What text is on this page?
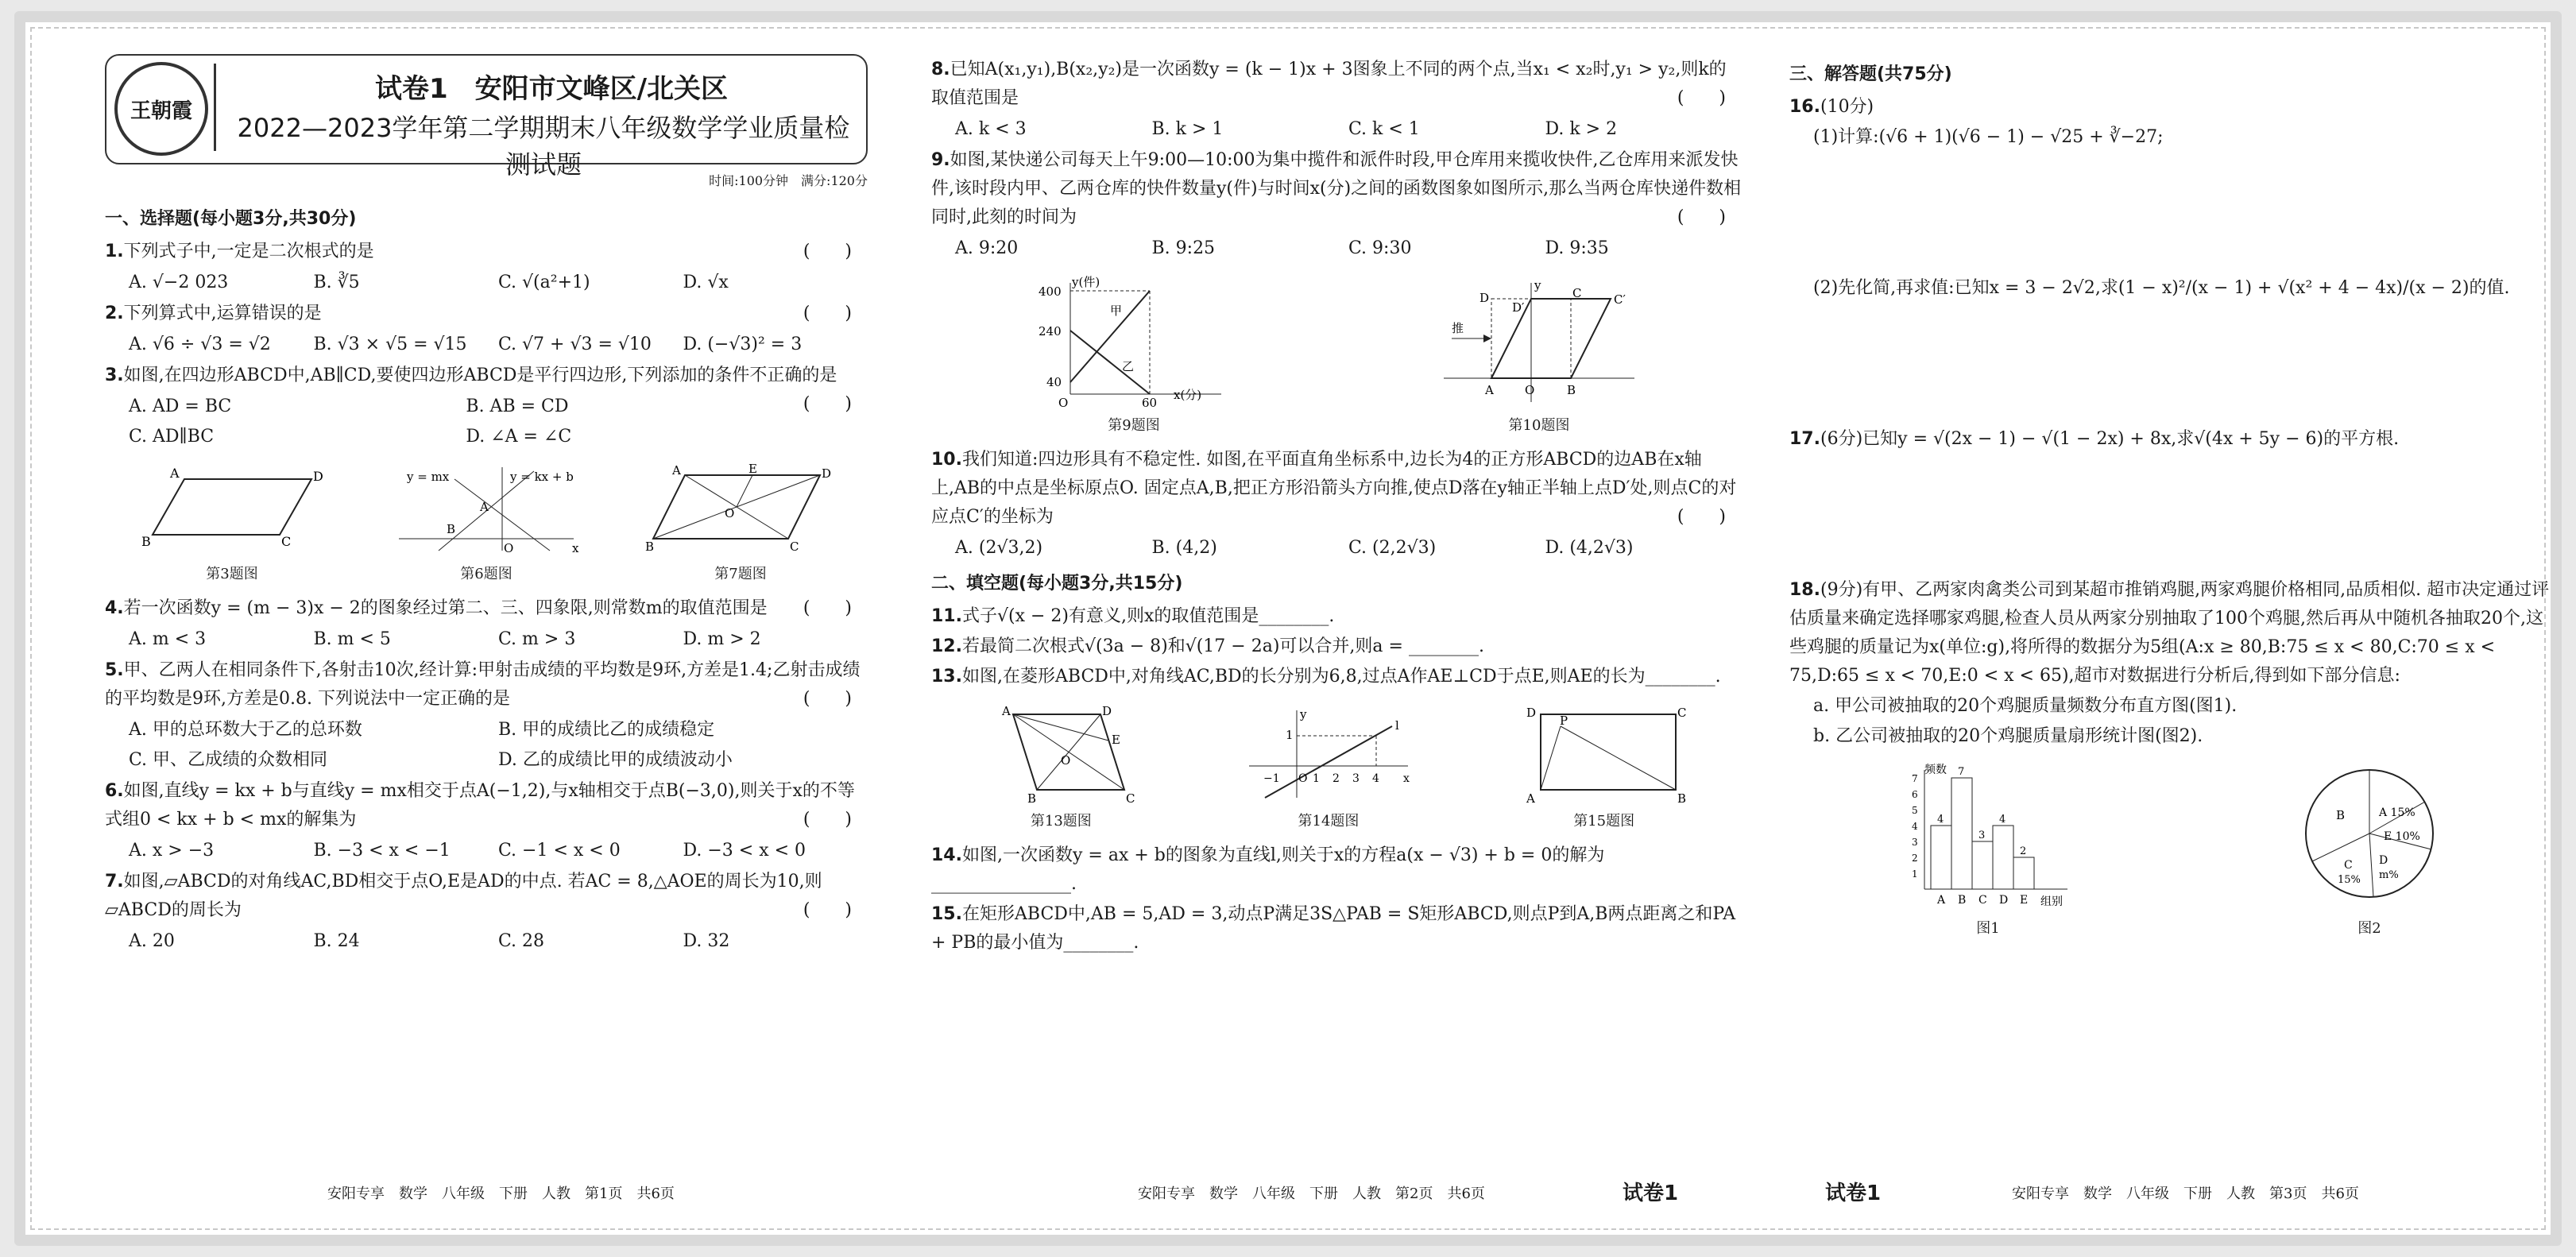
王朝霞
试卷1　安阳市文峰区/北关区
2022—2023学年第二学期期末八年级数学学业质量检测试题
时间:100分钟　满分:120分
一、选择题(每小题3分,共30分)
1.下列式子中,一定是二次根式的是	(　　)
A. √−2 023	B. ∛5	C. √(a²+1)	D. √x
2.下列算式中,运算错误的是	(　　)
A. √6 ÷ √3 = √2	B. √3 × √5 = √15	C. √7 + √3 = √10	D. (−√3)² = 3
3.如图,在四边形ABCD中,AB∥CD,要使四边形ABCD是平行四边形,下列添加的条件不正确的是
(　　)
A. AD = BC	B. AB = CD
C. AD∥BC	D. ∠A = ∠C
A	D
B	C
第3题图
y = mx	y = kx + b
A
B
O	x
第6题图
A	E	D
B	C
O
第7题图
4.若一次函数y = (m − 3)x − 2的图象经过第二、三、四象限,则常数m的取值范围是 (　　)
A. m < 3	B. m < 5	C. m > 3	D. m > 2
5.甲、乙两人在相同条件下,各射击10次,经计算:甲射击成绩的平均数是9环,方差是1.4;乙射击成绩的平均数是9环,方差是0.8. 下列说法中一定正确的是	(　　)
A. 甲的总环数大于乙的总环数	B. 甲的成绩比乙的成绩稳定
C. 甲、乙成绩的众数相同	D. 乙的成绩比甲的成绩波动小
6.如图,直线y = kx + b与直线y = mx相交于点A(−1,2),与x轴相交于点B(−3,0),则关于x的不等式组0 < kx + b < mx的解集为	(　　)
A. x > −3	B. −3 < x < −1	C. −1 < x < 0	D. −3 < x < 0
7.如图,▱ABCD的对角线AC,BD相交于点O,E是AD的中点. 若AC = 8,△AOE的周长为10,则▱ABCD的周长为	(　　)
A. 20	B. 24	C. 28	D. 32
8.已知A(x₁,y₁),B(x₂,y₂)是一次函数y = (k − 1)x + 3图象上不同的两个点,当x₁ < x₂时,y₁ > y₂,则k的取值范围是	(　　)
A. k < 3	B. k > 1	C. k < 1	D. k > 2
9.如图,某快递公司每天上午9:00—10:00为集中揽件和派件时段,甲仓库用来揽收快件,乙仓库用来派发快件,该时段内甲、乙两仓库的快件数量y(件)与时间x(分)之间的函数图象如图所示,那么当两仓库快递件数相同时,此刻的时间为	(　　)
A. 9:20	B. 9:25	C. 9:30	D. 9:35
400
240
40
O	60
y(件)
x(分)
甲
乙
第9题图
推
D
D′
C	C′
A	O	B
y
第10题图
10.我们知道:四边形具有不稳定性. 如图,在平面直角坐标系中,边长为4的正方形ABCD的边AB在x轴上,AB的中点是坐标原点O. 固定点A,B,把正方形沿箭头方向推,使点D落在y轴正半轴上点D′处,则点C的对应点C′的坐标为	(　　)
A. (2√3,2)	B. (4,2)	C. (2,2√3)	D. (4,2√3)
二、填空题(每小题3分,共15分)
11.式子√(x − 2)有意义,则x的取值范围是________.
12.若最简二次根式√(3a − 8)和√(17 − 2a)可以合并,则a = ________.
13.如图,在菱形ABCD中,对角线AC,BD的长分别为6,8,过点A作AE⊥CD于点E,则AE的长为________.
A	D
E
B	C
O
第13题图
y
1
l
−1 O 1 2 3 4 x
第14题图
D	C
P
A	B
第15题图
14.如图,一次函数y = ax + b的图象为直线l,则关于x的方程a(x − √3) + b = 0的解为________________.
15.在矩形ABCD中,AB = 5,AD = 3,动点P满足3S△PAB = S矩形ABCD,则点P到A,B两点距离之和PA + PB的最小值为________.
三、解答题(共75分)
16.(10分)
(1)计算:(√6 + 1)(√6 − 1) − √25 + ∛−27;
(2)先化简,再求值:已知x = 3 − 2√2,求(1 − x)²/(x − 1) + √(x² + 4 − 4x)/(x − 2)的值.
17.(6分)已知y = √(2x − 1) − √(1 − 2x) + 8x,求√(4x + 5y − 6)的平方根.
18.(9分)有甲、乙两家肉禽类公司到某超市推销鸡腿,两家鸡腿价格相同,品质相似. 超市决定通过评估质量来确定选择哪家鸡腿,检查人员从两家分别抽取了100个鸡腿,然后再从中随机各抽取20个,这些鸡腿的质量记为x(单位:g),将所得的数据分为5组(A:x ≥ 80,B:75 ≤ x < 80,C:70 ≤ x < 75,D:65 ≤ x < 70,E:0 < x < 65),超市对数据进行分析后,得到如下部分信息:
a. 甲公司被抽取的20个鸡腿质量频数分布直方图(图1).
b. 乙公司被抽取的20个鸡腿质量扇形统计图(图2).
频数
组别
1
2
3
4
5
6
7
4
A
7
B
3
C
4
D
2
E
图1
A 15%
E 10%
D
m%
C
15%
B
图2
安阳专享　数学　八年级　下册　人教　第1页　共6页	安阳专享　数学　八年级　下册　人教　第2页　共6页	试卷1	试卷1	安阳专享　数学　八年级　下册　人教　第3页　共6页
